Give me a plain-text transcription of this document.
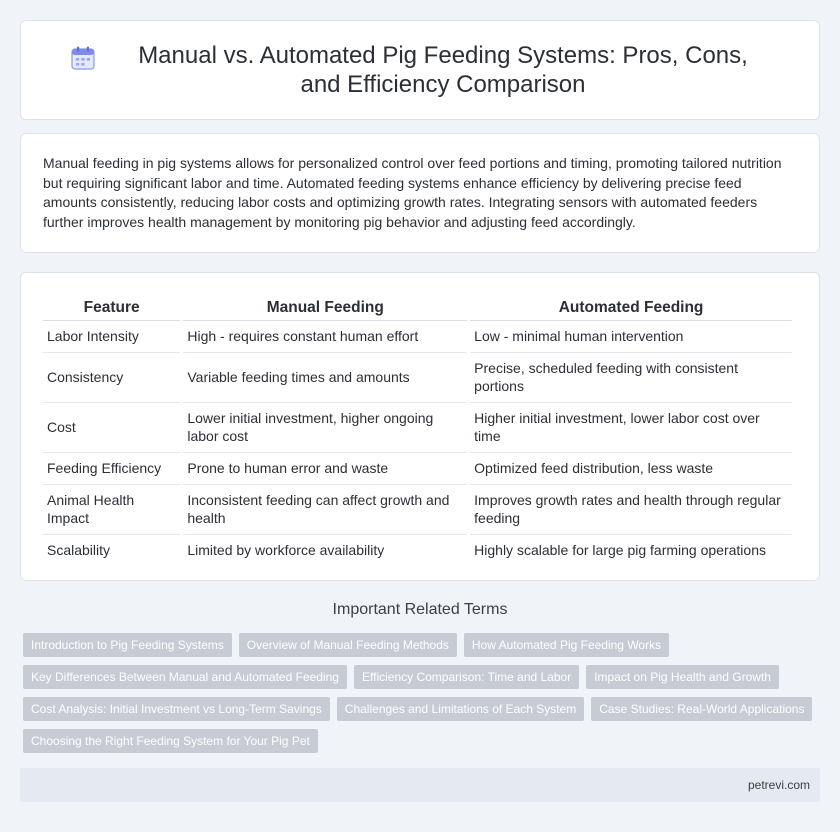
Manual vs. Automated Pig Feeding Systems: Pros, Cons, and Efficiency Comparison

Manual feeding in pig systems allows for personalized control over feed portions and timing, promoting tailored nutrition but requiring significant labor and time. Automated feeding systems enhance efficiency by delivering precise feed amounts consistently, reducing labor costs and optimizing growth rates. Integrating sensors with automated feeders further improves health management by monitoring pig behavior and adjusting feed accordingly.

Feature	Manual Feeding	Automated Feeding
Labor Intensity	High - requires constant human effort	Low - minimal human intervention
Consistency	Variable feeding times and amounts	Precise, scheduled feeding with consistent portions
Cost	Lower initial investment, higher ongoing labor cost	Higher initial investment, lower labor cost over time
Feeding Efficiency	Prone to human error and waste	Optimized feed distribution, less waste
Animal Health Impact	Inconsistent feeding can affect growth and health	Improves growth rates and health through regular feeding
Scalability	Limited by workforce availability	Highly scalable for large pig farming operations
Important Related Terms
Introduction to Pig Feeding Systems	Overview of Manual Feeding Methods	How Automated Pig Feeding Works
Key Differences Between Manual and Automated Feeding	Efficiency Comparison: Time and Labor	Impact on Pig Health and Growth
Cost Analysis: Initial Investment vs Long-Term Savings	Challenges and Limitations of Each System	Case Studies: Real-World Applications
Choosing the Right Feeding System for Your Pig Pet
petrevi.com
